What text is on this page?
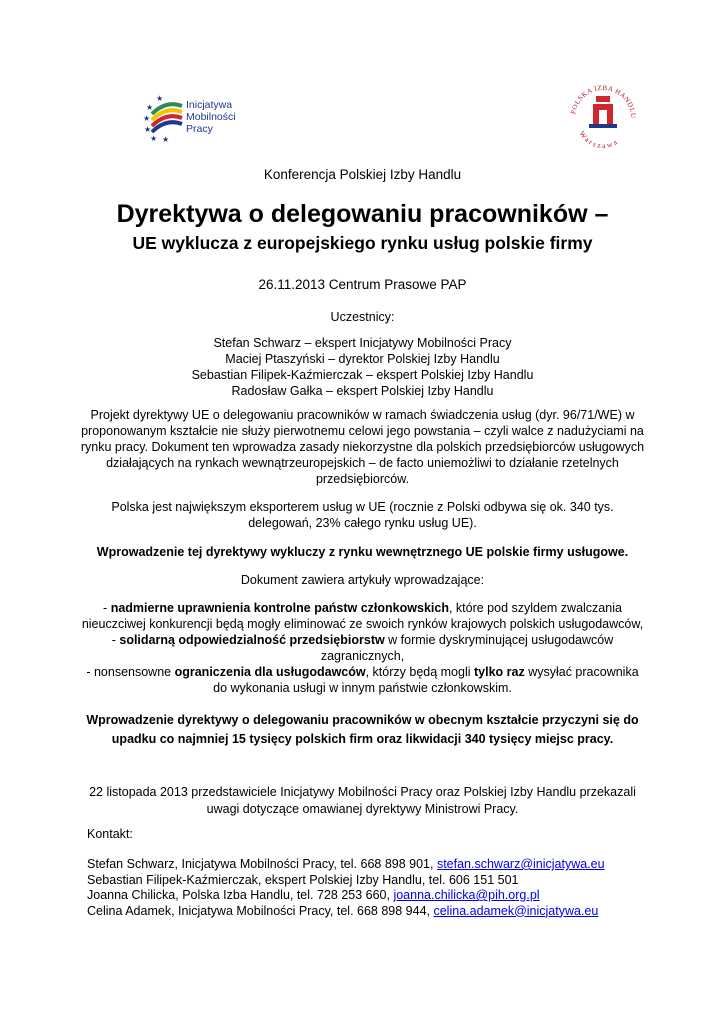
★
★
★
★
★ ★
Inicjatywa
Mobilności
Pracy
POLSKA IZBA HANDLU
Warszawa
Konferencja Polskiej Izby Handlu
Dyrektywa o delegowaniu pracowników –
UE wyklucza z europejskiego rynku usług polskie firmy
26.11.2013 Centrum Prasowe PAP
Uczestnicy:
Stefan Schwarz – ekspert Inicjatywy Mobilności Pracy
Maciej Ptaszyński – dyrektor Polskiej Izby Handlu
Sebastian Filipek-Kaźmierczak – ekspert Polskiej Izby Handlu
Radosław Gałka – ekspert Polskiej Izby Handlu
Projekt dyrektywy UE o delegowaniu pracowników w ramach świadczenia usług (dyr. 96/71/WE) w
proponowanym kształcie nie służy pierwotnemu celowi jego powstania – czyli walce z nadużyciami na
rynku pracy. Dokument ten wprowadza zasady niekorzystne dla polskich przedsiębiorców usługowych
działających na rynkach wewnątrzeuropejskich – de facto uniemożliwi to działanie rzetelnych
przedsiębiorców.
Polska jest największym eksporterem usług w UE (rocznie z Polski odbywa się ok. 340 tys.
delegowań, 23% całego rynku usług UE).
Wprowadzenie tej dyrektywy wykluczy z rynku wewnętrznego UE polskie firmy usługowe.
Dokument zawiera artykuły wprowadzające:
- nadmierne uprawnienia kontrolne państw członkowskich, które pod szyldem zwalczania
nieuczciwej konkurencji będą mogły eliminować ze swoich rynków krajowych polskich usługodawców,
- solidarną odpowiedzialność przedsiębiorstw w formie dyskryminującej usługodawców
zagranicznych,
- nonsensowne ograniczenia dla usługodawców, którzy będą mogli tylko raz wysyłać pracownika
do wykonania usługi w innym państwie członkowskim.
Wprowadzenie dyrektywy o delegowaniu pracowników w obecnym kształcie przyczyni się do
upadku co najmniej 15 tysięcy polskich firm oraz likwidacji 340 tysięcy miejsc pracy.
22 listopada 2013 przedstawiciele Inicjatywy Mobilności Pracy oraz Polskiej Izby Handlu przekazali
uwagi dotyczące omawianej dyrektywy Ministrowi Pracy.
Kontakt:
Stefan Schwarz, Inicjatywa Mobilności Pracy, tel. 668 898 901, stefan.schwarz@inicjatywa.eu
Sebastian Filipek-Kaźmierczak, ekspert Polskiej Izby Handlu, tel. 606 151 501
Joanna Chilicka, Polska Izba Handlu, tel. 728 253 660, joanna.chilicka@pih.org.pl
Celina Adamek, Inicjatywa Mobilności Pracy, tel. 668 898 944, celina.adamek@inicjatywa.eu
